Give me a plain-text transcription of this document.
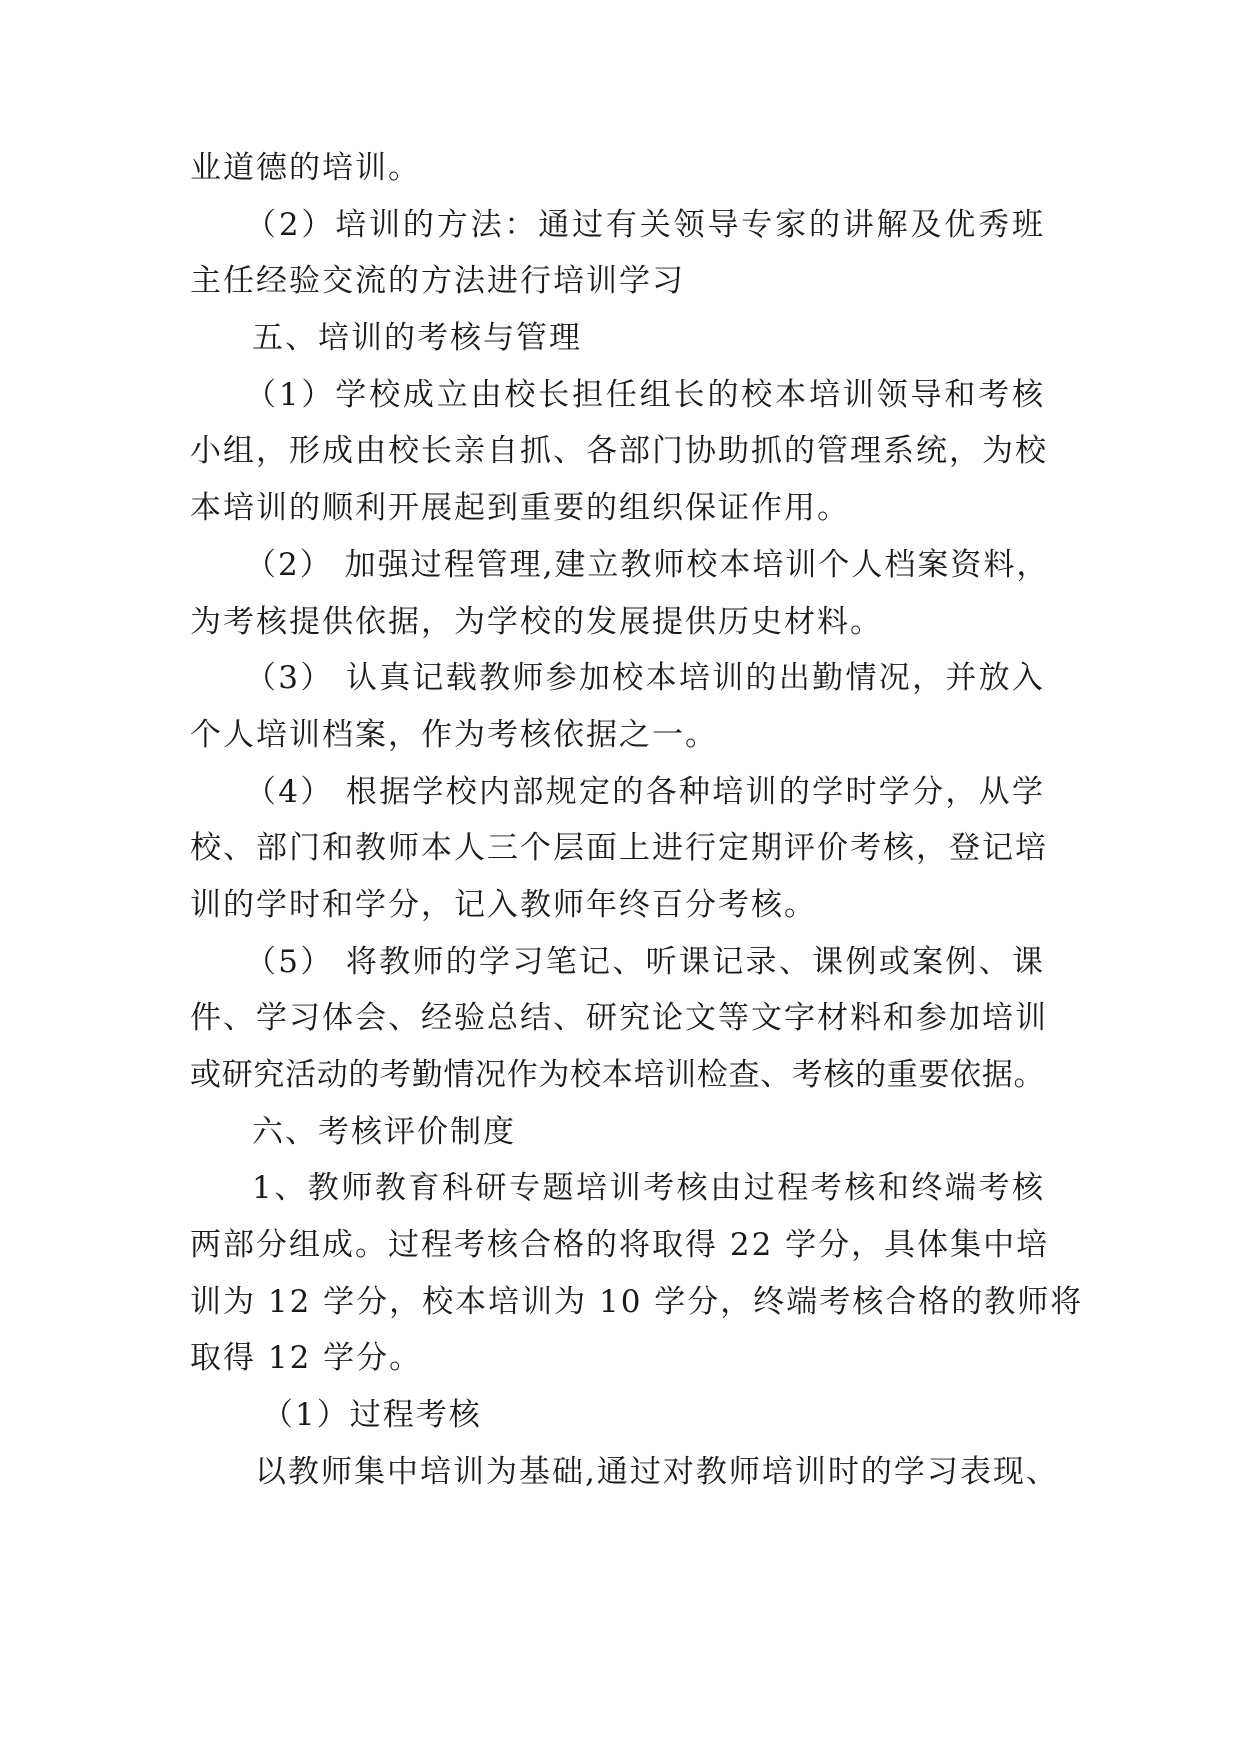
业道德的培训。
（2）培训的方法：通过有关领导专家的讲解及优秀班
主任经验交流的方法进行培训学习
五、培训的考核与管理
（1）学校成立由校长担任组长的校本培训领导和考核
小组，形成由校长亲自抓、各部门协助抓的管理系统，为校
本培训的顺利开展起到重要的组织保证作用。
（2） 加强过程管理,建立教师校本培训个人档案资料，
为考核提供依据，为学校的发展提供历史材料。
（3） 认真记载教师参加校本培训的出勤情况，并放入
个人培训档案，作为考核依据之一。
（4） 根据学校内部规定的各种培训的学时学分，从学
校、部门和教师本人三个层面上进行定期评价考核，登记培
训的学时和学分，记入教师年终百分考核。
（5） 将教师的学习笔记、听课记录、课例或案例、课
件、学习体会、经验总结、研究论文等文字材料和参加培训
或研究活动的考勤情况作为校本培训检查、考核的重要依据。
六、考核评价制度
1、教师教育科研专题培训考核由过程考核和终端考核
两部分组成。过程考核合格的将取得 22 学分，具体集中培
训为 12 学分，校本培训为 10 学分，终端考核合格的教师将
取得 12 学分。
（1）过程考核
以教师集中培训为基础,通过对教师培训时的学习表现、
